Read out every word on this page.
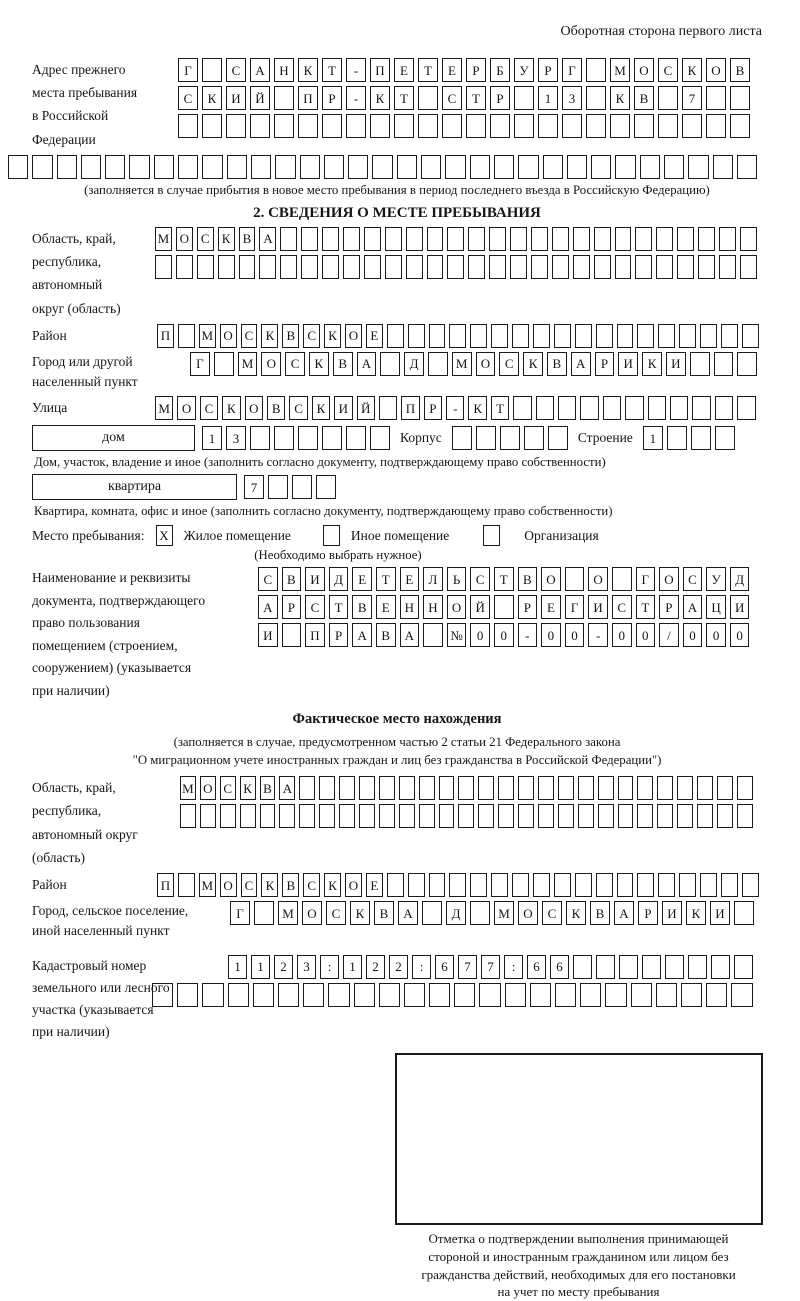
Оборотная сторона первого листа
Адрес прежнего
места пребывания
в Российской
Федерации
Г	С	А	Н	К	Т	-	П	Е	Т	Е	Р	Б	У	Р	Г	М	О	С	К	О	В
С	К	И	Й	П	Р	-	К	Т	С	Т	Р	1	3	К	В	7
(заполняется в случае прибытия в новое место пребывания в период последнего въезда в Российскую Федерацию)
2. СВЕДЕНИЯ О МЕСТЕ ПРЕБЫВАНИЯ
Область, край,
республика,
автономный
округ (область)
М О С К В А
Район	П М О С К В С К О Е
Город или другой
населенный пункт
Г	М	О	С	К	В	А	Д	М	О	С	К	В	А	Р	И	К	И
Улица	М О	С	К	О	В	С	К	И	Й	П	Р	-	К	Т
дом	1	3	Корпус	Строение	1
Дом, участок, владение и иное (заполнить согласно документу, подтверждающему право собственности)
квартира	7
Квартира, комната, офис и иное (заполнить согласно документу, подтверждающему право собственности)
Место пребывания: X Жилое помещение	Иное помещение	Организация
(Необходимо выбрать нужное)
Наименование и реквизиты
документа, подтверждающего
право пользования
помещением (строением,
сооружением) (указывается
при наличии)
С	В	И	Д	Е	Т	Е	Л	Ь	С	Т	В	О	О	Г	О	С	У	Д
А	Р	С	Т	В	Е	Н	Н	О	Й	Р	Е	Г	И	С	Т	Р	А	Ц	И
И	П	Р	А	В	А	№	0	0	-	0	0	-	0	0	/	0	0	0
Фактическое место нахождения
(заполняется в случае, предусмотренном частью 2 статьи 21 Федерального закона
"О миграционном учете иностранных граждан и лиц без гражданства в Российской Федерации")
Область, край,
республика,
автономный округ
(область)
М О С К В А
Район	П М О С К В С К О Е
Город, сельское поселение,
иной населенный пункт
Г	М	О	С	К	В	А	Д	М	О	С	К	В	А	Р	И	К	И
Кадастровый номер
земельного или лесного
участка (указывается
при наличии)
1	1	2	3	:	1	2	2	:	6	7	7	:	6	6
Отметка о подтверждении выполнения принимающей
стороной и иностранным гражданином или лицом без
гражданства действий, необходимых для его постановки
на учет по месту пребывания
